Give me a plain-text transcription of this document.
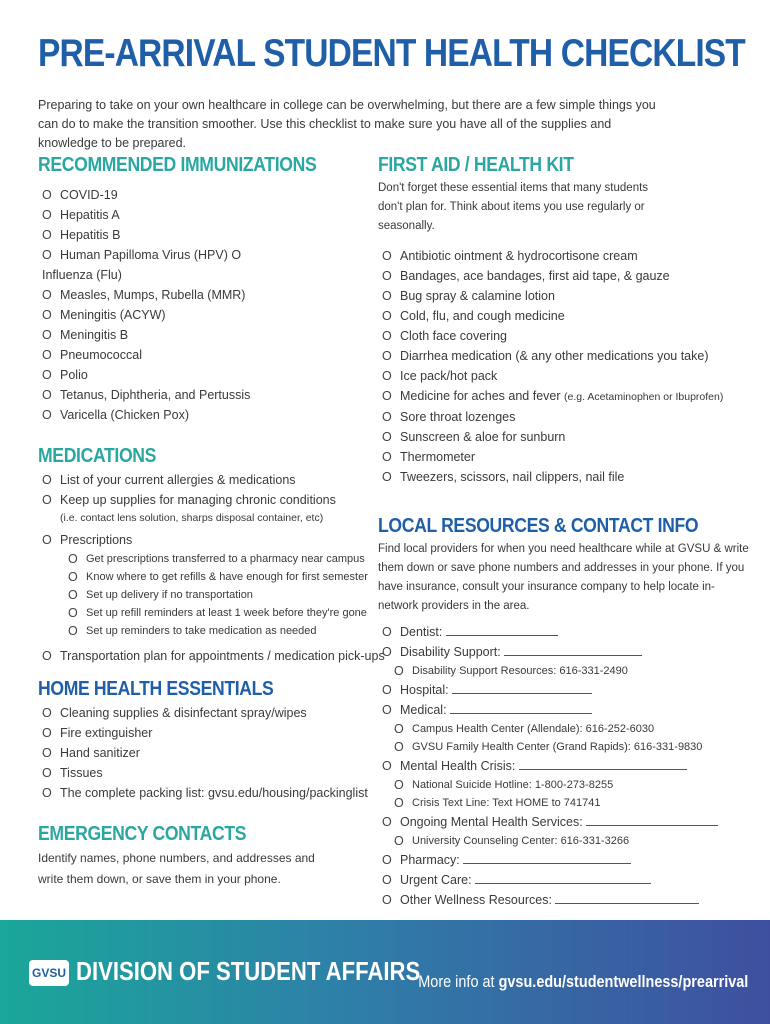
PRE-ARRIVAL STUDENT HEALTH CHECKLIST

Preparing to take on your own healthcare in college can be overwhelming, but there are a few simple things you can do to make the transition smoother. Use this checklist to make sure you have all of the supplies and knowledge to be prepared.

RECOMMENDED IMMUNIZATIONS
O COVID-19
O Hepatitis A
O Hepatitis B
O Human Papilloma Virus (HPV) O
Influenza (Flu)
O Measles, Mumps, Rubella (MMR)
O Meningitis (ACYW)
O Meningitis B
O Pneumococcal
O Polio
O Tetanus, Diphtheria, and Pertussis
O Varicella (Chicken Pox)
MEDICATIONS
O List of your current allergies & medications
O Keep up supplies for managing chronic conditions
(i.e. contact lens solution, sharps disposal container, etc)
O Prescriptions
O Get prescriptions transferred to a pharmacy near campus
O Know where to get refills & have enough for first semester
O Set up delivery if no transportation
O Set up refill reminders at least 1 week before they're gone
O Set up reminders to take medication as needed
O Transportation plan for appointments / medication pick-ups
HOME HEALTH ESSENTIALS
O Cleaning supplies & disinfectant spray/wipes
O Fire extinguisher
O Hand sanitizer
O Tissues
O The complete packing list: gvsu.edu/housing/packinglist
EMERGENCY CONTACTS

Identify names, phone numbers, and addresses and write them down, or save them in your phone.

FIRST AID / HEALTH KIT

Don't forget these essential items that many students don't plan for. Think about items you use regularly or seasonally.

O Antibiotic ointment & hydrocortisone cream
O Bandages, ace bandages, first aid tape, & gauze
O Bug spray & calamine lotion
O Cold, flu, and cough medicine
O Cloth face covering
O Diarrhea medication (& any other medications you take)
O Ice pack/hot pack
O Medicine for aches and fever (e.g. Acetaminophen or Ibuprofen)
O Sore throat lozenges
O Sunscreen & aloe for sunburn
O Thermometer
O Tweezers, scissors, nail clippers, nail file
LOCAL RESOURCES & CONTACT INFO

Find local providers for when you need healthcare while at GVSU & write them down or save phone numbers and addresses in your phone. If you have insurance, consult your insurance company to help locate in-network providers in the area.

O Dentist:
O Disability Support:
O Disability Support Resources: 616-331-2490
O Hospital:
O Medical:
O Campus Health Center (Allendale): 616-252-6030
O GVSU Family Health Center (Grand Rapids): 616-331-9830
O Mental Health Crisis:
O National Suicide Hotline: 1-800-273-8255
O Crisis Text Line: Text HOME to 741741
O Ongoing Mental Health Services:
O University Counseling Center: 616-331-3266
O Pharmacy:
O Urgent Care:
O Other Wellness Resources:
GVSU DIVISION OF STUDENT AFFAIRS
More info at gvsu.edu/studentwellness/prearrival
